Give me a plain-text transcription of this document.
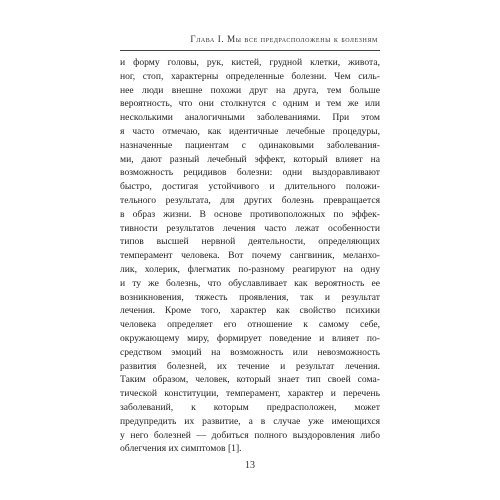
Глава I. Мы все предрасположены к болезням
и форму головы, рук, кистей, грудной клетки, живота,
ног, стоп, характерны определенные болезни. Чем силь-
нее люди внешне похожи друг на друга, тем больше
вероятность, что они столкнутся с одним и тем же или
несколькими аналогичными заболеваниями. При этом
я часто отмечаю, как идентичные лечебные процедуры,
назначенные пациентам с одинаковыми заболевания-
ми, дают разный лечебный эффект, который влияет на
возможность рецидивов болезни: одни выздоравливают
быстро, достигая устойчивого и длительного положи-
тельного результата, для других болезнь превращается
в образ жизни. В основе противоположных по эффек-
тивности результатов лечения часто лежат особенности
типов высшей нервной деятельности, определяющих
темперамент человека. Вот почему сангвиник, меланхо-
лик, холерик, флегматик по-разному реагируют на одну
и ту же болезнь, что обуславливает как вероятность ее
возникновения, тяжесть проявления, так и результат
лечения. Кроме того, характер как свойство психики
человека определяет его отношение к самому себе,
окружающему миру, формирует поведение и влияет по-
средством эмоций на возможность или невозможность
развития болезней, их течение и результат лечения.
Таким образом, человек, который знает тип своей сома-
тической конституции, темперамент, характер и перечень
заболеваний, к которым предрасположен, может
предупредить их развитие, а в случае уже имеющихся
у него болезней — добиться полного выздоровления либо
облегчения их симптомов [1].
13
